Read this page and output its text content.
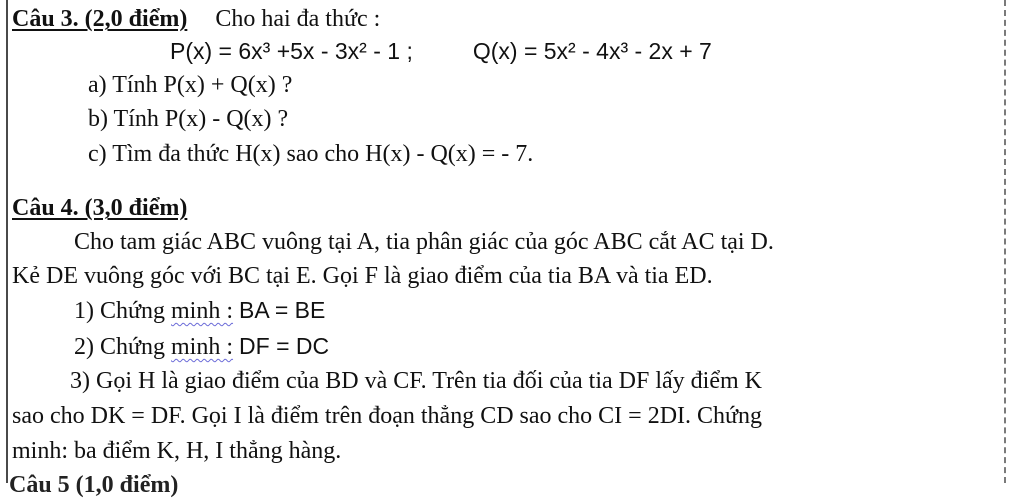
Câu 3. (2,0 điểm) Cho hai đa thức :
P(x) = 6x³ +5x - 3x² - 1 ;	Q(x) = 5x² - 4x³ - 2x + 7
a) Tính P(x) + Q(x) ?
b) Tính P(x) - Q(x) ?
c) Tìm đa thức H(x) sao cho H(x) - Q(x) = - 7.
Câu 4. (3,0 điểm)
Cho tam giác ABC vuông tại A, tia phân giác của góc ABC cắt AC tại D.
Kẻ DE vuông góc với BC tại E. Gọi F là giao điểm của tia BA và tia ED.
1) Chứng minh : BA = BE
2) Chứng minh : DF = DC
3) Gọi H là giao điểm của BD và CF. Trên tia đối của tia DF lấy điểm K
sao cho DK = DF. Gọi I là điểm trên đoạn thẳng CD sao cho CI = 2DI. Chứng
minh: ba điểm K, H, I thẳng hàng.
Câu 5 (1,0 điểm)
